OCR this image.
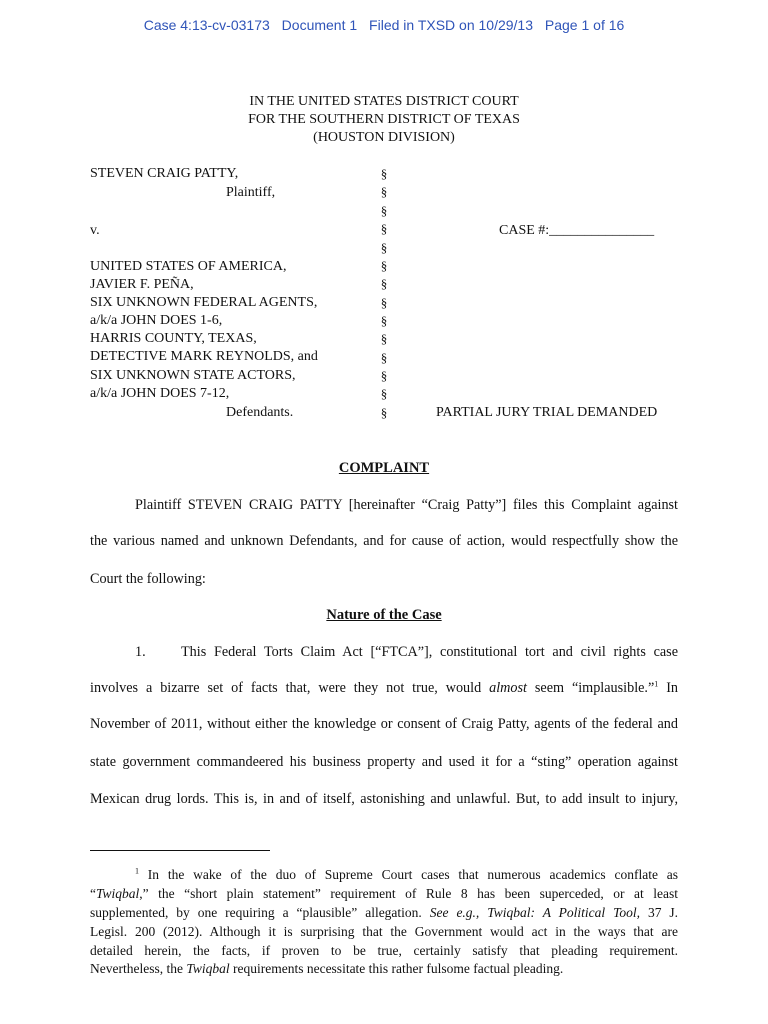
Case 4:13-cv-03173 Document 1 Filed in TXSD on 10/29/13 Page 1 of 16
IN THE UNITED STATES DISTRICT COURT
FOR THE SOUTHERN DISTRICT OF TEXAS
(HOUSTON DIVISION)
STEVEN CRAIG PATTY,
Plaintiff,
v.
UNITED STATES OF AMERICA,
JAVIER F. PEÑA,
SIX UNKNOWN FEDERAL AGENTS,
a/k/a JOHN DOES 1-6,
HARRIS COUNTY, TEXAS,
DETECTIVE MARK REYNOLDS, and
SIX UNKNOWN STATE ACTORS,
a/k/a JOHN DOES 7-12,
Defendants.
§
§
§
§
§
§
§
§
§
§
§
§
§
§
CASE #:_______________
PARTIAL JURY TRIAL DEMANDED
COMPLAINT
Plaintiff STEVEN CRAIG PATTY [hereinafter “Craig Patty”] files this Complaint against
the various named and unknown Defendants, and for cause of action, would respectfully show the
Court the following:
Nature of the Case
1. This Federal Torts Claim Act [“FTCA”], constitutional tort and civil rights case
involves a bizarre set of facts that, were they not true, would almost seem “implausible.”$^1$ In
November of 2011, without either the knowledge or consent of Craig Patty, agents of the federal and
state government commandeered his business property and used it for a “sting” operation against
Mexican drug lords. This is, in and of itself, astonishing and unlawful. But, to add insult to injury,
$^1$ In the wake of the duo of Supreme Court cases that numerous academics conflate as
“Twiqbal,” the “short plain statement” requirement of Rule 8 has been superceded, or at least
supplemented, by one requiring a “plausible” allegation. See e.g., Twiqbal: A Political Tool, 37 J.
Legisl. 200 (2012). Although it is surprising that the Government would act in the ways that are
detailed herein, the facts, if proven to be true, certainly satisfy that pleading requirement.
Nevertheless, the Twiqbal requirements necessitate this rather fulsome factual pleading.
